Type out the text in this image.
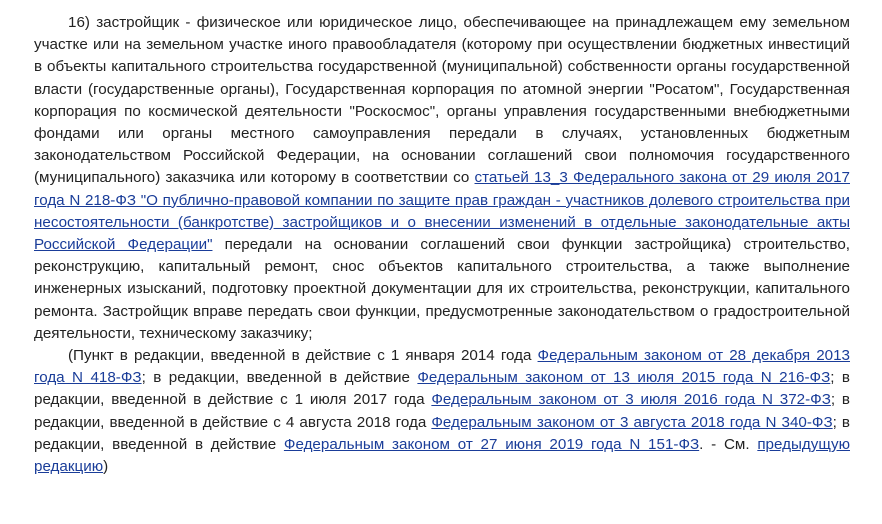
16) застройщик - физическое или юридическое лицо, обеспечивающее на принадлежащем ему земельном участке или на земельном участке иного правообладателя (которому при осуществлении бюджетных инвестиций в объекты капитального строительства государственной (муниципальной) собственности органы государственной власти (государственные органы), Государственная корпорация по атомной энергии "Росатом", Государственная корпорация по космической деятельности "Роскосмос", органы управления государственными внебюджетными фондами или органы местного самоуправления передали в случаях, установленных бюджетным законодательством Российской Федерации, на основании соглашений свои полномочия государственного (муниципального) заказчика или которому в соответствии со статьей 13_3 Федерального закона от 29 июля 2017 года N 218-ФЗ "О публично-правовой компании по защите прав граждан - участников долевого строительства при несостоятельности (банкротстве) застройщиков и о внесении изменений в отдельные законодательные акты Российской Федерации" передали на основании соглашений свои функции застройщика) строительство, реконструкцию, капитальный ремонт, снос объектов капитального строительства, а также выполнение инженерных изысканий, подготовку проектной документации для их строительства, реконструкции, капитального ремонта. Застройщик вправе передать свои функции, предусмотренные законодательством о градостроительной деятельности, техническому заказчику;

(Пункт в редакции, введенной в действие с 1 января 2014 года Федеральным законом от 28 декабря 2013 года N 418-ФЗ; в редакции, введенной в действие Федеральным законом от 13 июля 2015 года N 216-ФЗ; в редакции, введенной в действие с 1 июля 2017 года Федеральным законом от 3 июля 2016 года N 372-ФЗ; в редакции, введенной в действие с 4 августа 2018 года Федеральным законом от 3 августа 2018 года N 340-ФЗ; в редакции, введенной в действие Федеральным законом от 27 июня 2019 года N 151-ФЗ. - См. предыдущую редакцию)
